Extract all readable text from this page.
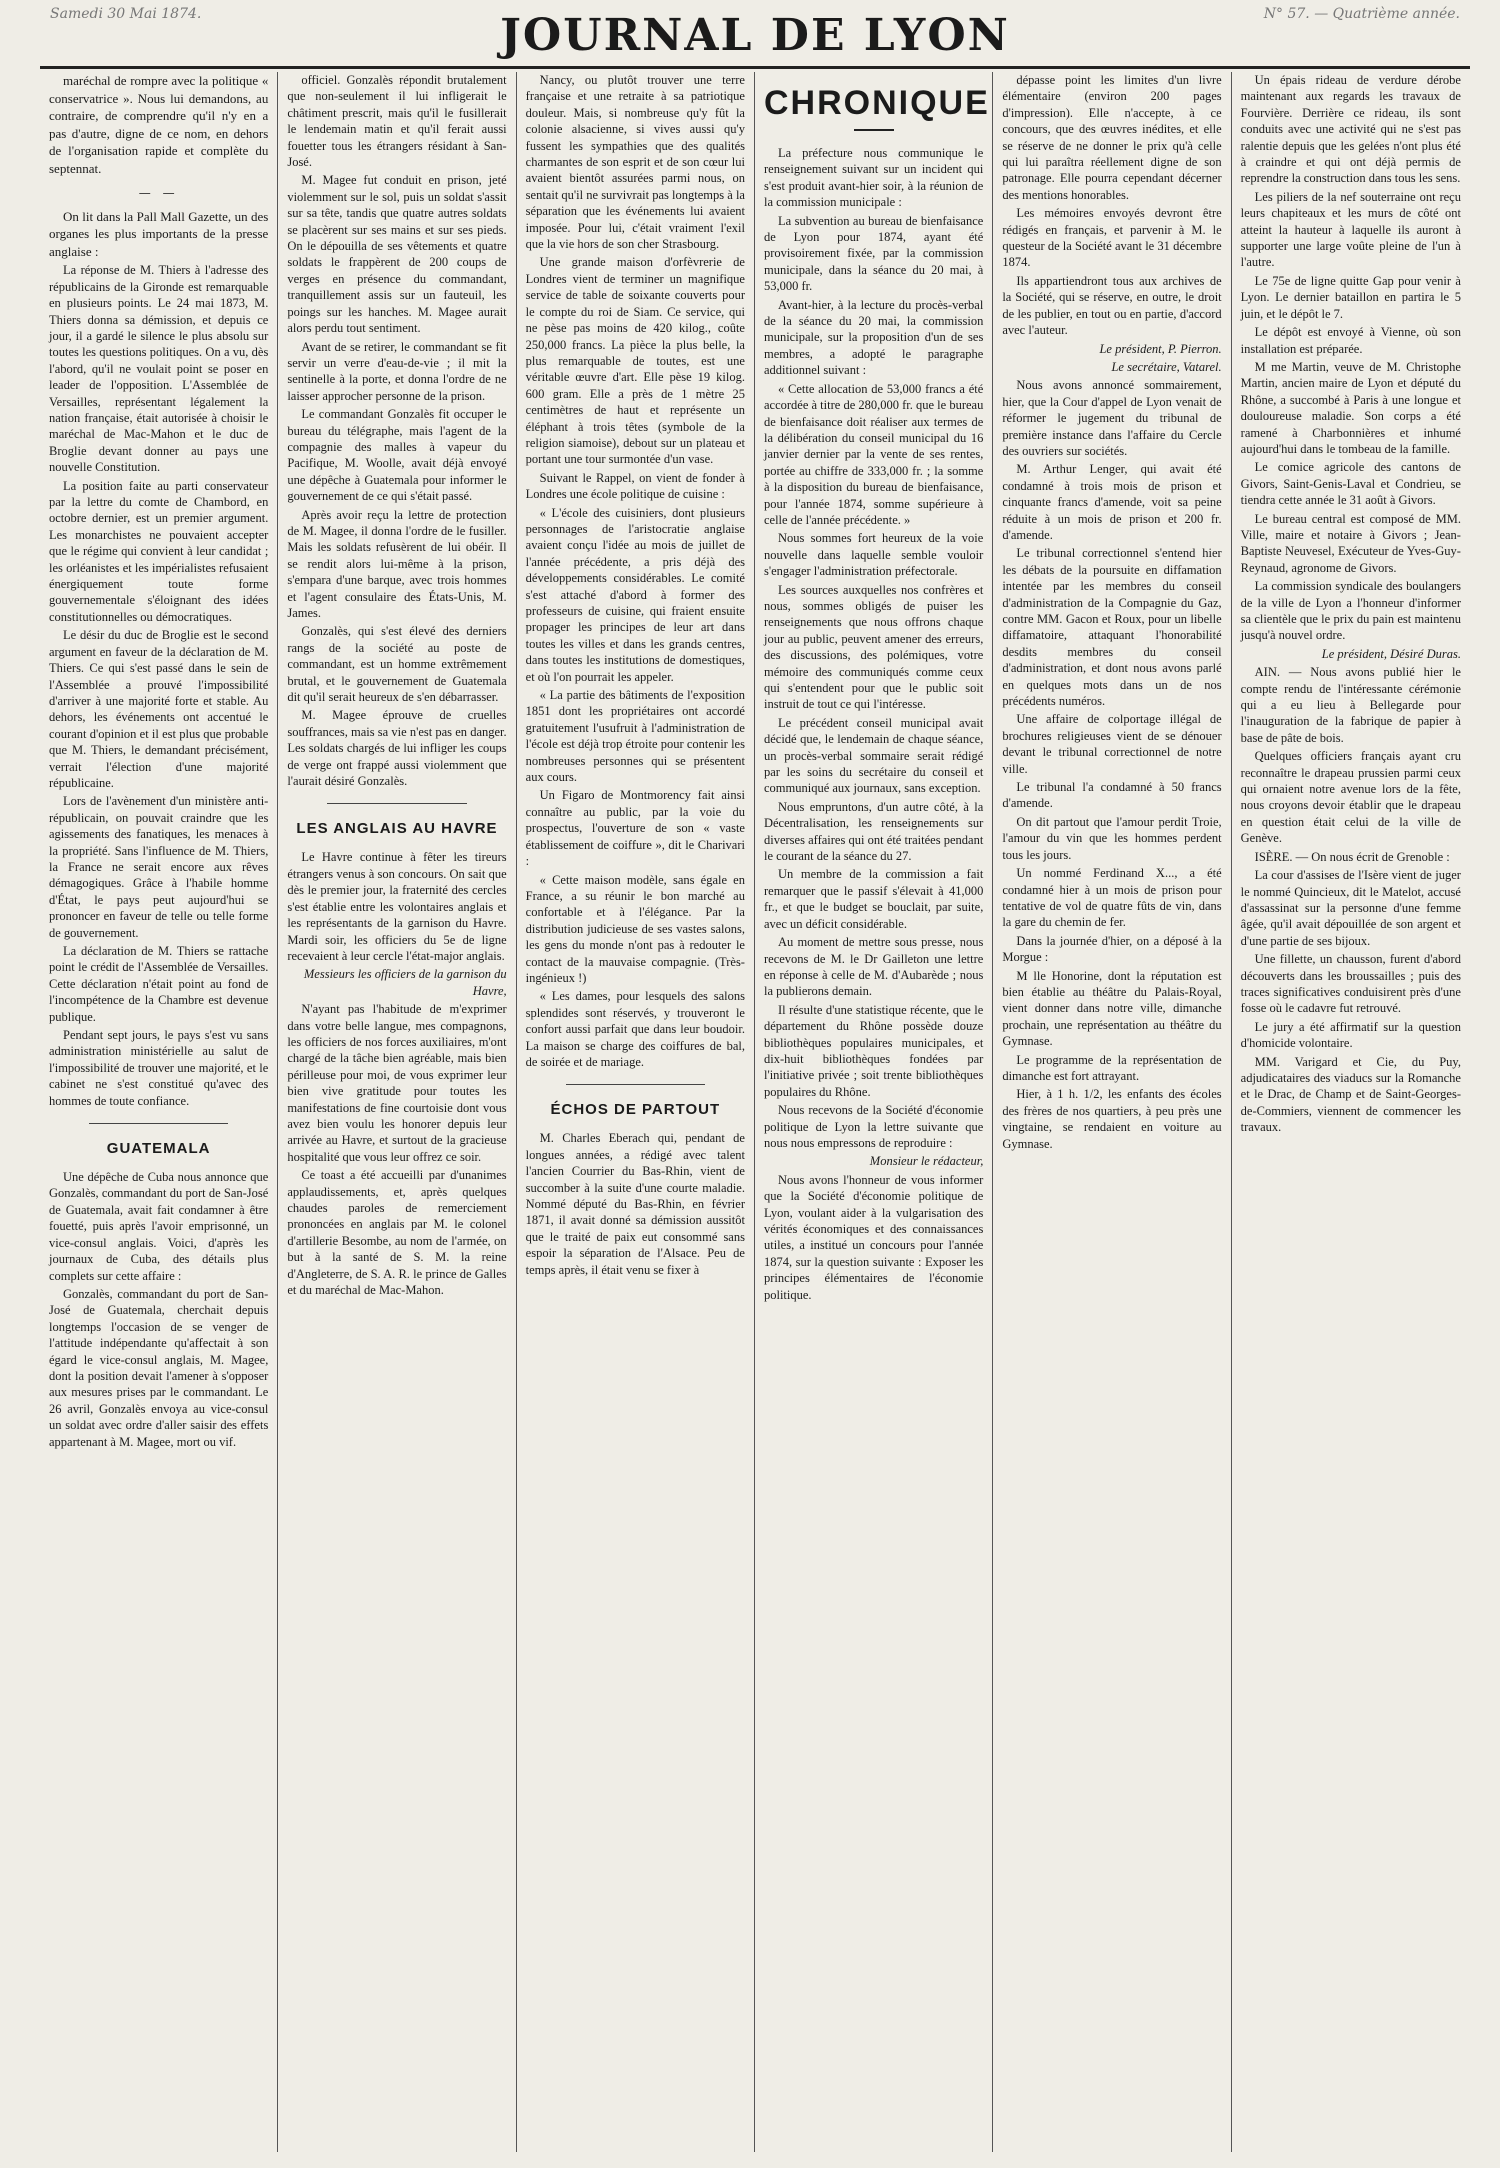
Samedi 30 Mai 1874.	JOURNAL DE LYON	N° 57. — Quatrième année.

maréchal de rompre avec la politique « conservatrice ». Nous lui demandons, au contraire, de comprendre qu'il n'y en a pas d'autre, digne de ce nom, en dehors de l'organisation rapide et complète du septennat.

— —

On lit dans la Pall Mall Gazette, un des organes les plus importants de la presse anglaise :

La réponse de M. Thiers à l'adresse des républicains de la Gironde est remarquable en plusieurs points. Le 24 mai 1873, M. Thiers donna sa démission, et depuis ce jour, il a gardé le silence le plus absolu sur toutes les questions politiques. On a vu, dès l'abord, qu'il ne voulait point se poser en leader de l'opposition. L'Assemblée de Versailles, représentant légalement la nation française, était autorisée à choisir le maréchal de Mac-Mahon et le duc de Broglie devant donner au pays une nouvelle Constitution.

La position faite au parti conservateur par la lettre du comte de Chambord, en octobre dernier, est un premier argument. Les monarchistes ne pouvaient accepter que le régime qui convient à leur candidat ; les orléanistes et les impérialistes refusaient énergiquement toute forme gouvernementale s'éloignant des idées constitutionnelles ou démocratiques.

Le désir du duc de Broglie est le second argument en faveur de la déclaration de M. Thiers. Ce qui s'est passé dans le sein de l'Assemblée a prouvé l'impossibilité d'arriver à une majorité forte et stable. Au dehors, les événements ont accentué le courant d'opinion et il est plus que probable que M. Thiers, le demandant précisément, verrait l'élection d'une majorité républicaine.

Lors de l'avènement d'un ministère anti-républicain, on pouvait craindre que les agissements des fanatiques, les menaces à la propriété. Sans l'influence de M. Thiers, la France ne serait encore aux rêves démagogiques. Grâce à l'habile homme d'État, le pays peut aujourd'hui se prononcer en faveur de telle ou telle forme de gouvernement.

La déclaration de M. Thiers se rattache point le crédit de l'Assemblée de Versailles. Cette déclaration n'était point au fond de l'incompétence de la Chambre est devenue publique.

Pendant sept jours, le pays s'est vu sans administration ministérielle au salut de l'impossibilité de trouver une majorité, et le cabinet ne s'est constitué qu'avec des hommes de toute confiance.

GUATEMALA

Une dépêche de Cuba nous annonce que Gonzalès, commandant du port de San-José de Guatemala, avait fait condamner à être fouetté, puis après l'avoir emprisonné, un vice-consul anglais. Voici, d'après les journaux de Cuba, des détails plus complets sur cette affaire :

Gonzalès, commandant du port de San-José de Guatemala, cherchait depuis longtemps l'occasion de se venger de l'attitude indépendante qu'affectait à son égard le vice-consul anglais, M. Magee, dont la position devait l'amener à s'opposer aux mesures prises par le commandant. Le 26 avril, Gonzalès envoya au vice-consul un soldat avec ordre d'aller saisir des effets appartenant à M. Magee, mort ou vif.

officiel. Gonzalès répondit brutalement que non-seulement il lui infligerait le châtiment prescrit, mais qu'il le fusillerait le lendemain matin et qu'il ferait aussi fouetter tous les étrangers résidant à San-José.

M. Magee fut conduit en prison, jeté violemment sur le sol, puis un soldat s'assit sur sa tête, tandis que quatre autres soldats se placèrent sur ses mains et sur ses pieds. On le dépouilla de ses vêtements et quatre soldats le frappèrent de 200 coups de verges en présence du commandant, tranquillement assis sur un fauteuil, les poings sur les hanches. M. Magee aurait alors perdu tout sentiment.

Avant de se retirer, le commandant se fit servir un verre d'eau-de-vie ; il mit la sentinelle à la porte, et donna l'ordre de ne laisser approcher personne de la prison.

Le commandant Gonzalès fit occuper le bureau du télégraphe, mais l'agent de la compagnie des malles à vapeur du Pacifique, M. Woolle, avait déjà envoyé une dépêche à Guatemala pour informer le gouvernement de ce qui s'était passé.

Après avoir reçu la lettre de protection de M. Magee, il donna l'ordre de le fusiller. Mais les soldats refusèrent de lui obéir. Il se rendit alors lui-même à la prison, s'empara d'une barque, avec trois hommes et l'agent consulaire des États-Unis, M. James.

Gonzalès, qui s'est élevé des derniers rangs de la société au poste de commandant, est un homme extrêmement brutal, et le gouvernement de Guatemala dit qu'il serait heureux de s'en débarrasser.

M. Magee éprouve de cruelles souffrances, mais sa vie n'est pas en danger. Les soldats chargés de lui infliger les coups de verge ont frappé aussi violemment que l'aurait désiré Gonzalès.

LES ANGLAIS AU HAVRE

Le Havre continue à fêter les tireurs étrangers venus à son concours. On sait que dès le premier jour, la fraternité des cercles s'est établie entre les volontaires anglais et les représentants de la garnison du Havre. Mardi soir, les officiers du 5e de ligne recevaient à leur cercle l'état-major anglais.

Messieurs les officiers de la garnison du Havre,

N'ayant pas l'habitude de m'exprimer dans votre belle langue, mes compagnons, les officiers de nos forces auxiliaires, m'ont chargé de la tâche bien agréable, mais bien périlleuse pour moi, de vous exprimer leur bien vive gratitude pour toutes les manifestations de fine courtoisie dont vous avez bien voulu les honorer depuis leur arrivée au Havre, et surtout de la gracieuse hospitalité que vous leur offrez ce soir.

Ce toast a été accueilli par d'unanimes applaudissements, et, après quelques chaudes paroles de remerciement prononcées en anglais par M. le colonel d'artillerie Besombe, au nom de l'armée, on but à la santé de S. M. la reine d'Angleterre, de S. A. R. le prince de Galles et du maréchal de Mac-Mahon.

Nancy, ou plutôt trouver une terre française et une retraite à sa patriotique douleur. Mais, si nombreuse qu'y fût la colonie alsacienne, si vives aussi qu'y fussent les sympathies que des qualités charmantes de son esprit et de son cœur lui avaient bientôt assurées parmi nous, on sentait qu'il ne survivrait pas longtemps à la séparation que les événements lui avaient imposée. Pour lui, c'était vraiment l'exil que la vie hors de son cher Strasbourg.

Une grande maison d'orfèvrerie de Londres vient de terminer un magnifique service de table de soixante couverts pour le compte du roi de Siam. Ce service, qui ne pèse pas moins de 420 kilog., coûte 250,000 francs. La pièce la plus belle, la plus remarquable de toutes, est une véritable œuvre d'art. Elle pèse 19 kilog. 600 gram. Elle a près de 1 mètre 25 centimètres de haut et représente un éléphant à trois têtes (symbole de la religion siamoise), debout sur un plateau et portant une tour surmontée d'un vase.

Suivant le Rappel, on vient de fonder à Londres une école politique de cuisine :

« L'école des cuisiniers, dont plusieurs personnages de l'aristocratie anglaise avaient conçu l'idée au mois de juillet de l'année précédente, a pris déjà des développements considérables. Le comité s'est attaché d'abord à former des professeurs de cuisine, qui fraient ensuite propager les principes de leur art dans toutes les villes et dans les grands centres, dans toutes les institutions de domestiques, et où l'on pourrait les appeler.

« La partie des bâtiments de l'exposition 1851 dont les propriétaires ont accordé gratuitement l'usufruit à l'administration de l'école est déjà trop étroite pour contenir les nombreuses personnes qui se présentent aux cours.

Un Figaro de Montmorency fait ainsi connaître au public, par la voie du prospectus, l'ouverture de son « vaste établissement de coiffure », dit le Charivari :

« Cette maison modèle, sans égale en France, a su réunir le bon marché au confortable et à l'élégance. Par la distribution judicieuse de ses vastes salons, les gens du monde n'ont pas à redouter le contact de la mauvaise compagnie. (Très-ingénieux !)

« Les dames, pour lesquels des salons splendides sont réservés, y trouveront le confort aussi parfait que dans leur boudoir. La maison se charge des coiffures de bal, de soirée et de mariage.

ÉCHOS DE PARTOUT

M. Charles Eberach qui, pendant de longues années, a rédigé avec talent l'ancien Courrier du Bas-Rhin, vient de succomber à la suite d'une courte maladie. Nommé député du Bas-Rhin, en février 1871, il avait donné sa démission aussitôt que le traité de paix eut consommé sans espoir la séparation de l'Alsace. Peu de temps après, il était venu se fixer à

CHRONIQUE

La préfecture nous communique le renseignement suivant sur un incident qui s'est produit avant-hier soir, à la réunion de la commission municipale :

La subvention au bureau de bienfaisance de Lyon pour 1874, ayant été provisoirement fixée, par la commission municipale, dans la séance du 20 mai, à 53,000 fr.

Avant-hier, à la lecture du procès-verbal de la séance du 20 mai, la commission municipale, sur la proposition d'un de ses membres, a adopté le paragraphe additionnel suivant :

« Cette allocation de 53,000 francs a été accordée à titre de 280,000 fr. que le bureau de bienfaisance doit réaliser aux termes de la délibération du conseil municipal du 16 janvier dernier par la vente de ses rentes, portée au chiffre de 333,000 fr. ; la somme à la disposition du bureau de bienfaisance, pour l'année 1874, somme supérieure à celle de l'année précédente. »

Nous sommes fort heureux de la voie nouvelle dans laquelle semble vouloir s'engager l'administration préfectorale.

Les sources auxquelles nos confrères et nous, sommes obligés de puiser les renseignements que nous offrons chaque jour au public, peuvent amener des erreurs, des discussions, des polémiques, votre mémoire des communiqués comme ceux qui s'entendent pour que le public soit instruit de tout ce qui l'intéresse.

Le précédent conseil municipal avait décidé que, le lendemain de chaque séance, un procès-verbal sommaire serait rédigé par les soins du secrétaire du conseil et communiqué aux journaux, sans exception.

Nous empruntons, d'un autre côté, à la Décentralisation, les renseignements sur diverses affaires qui ont été traitées pendant le courant de la séance du 27.

Un membre de la commission a fait remarquer que le passif s'élevait à 41,000 fr., et que le budget se bouclait, par suite, avec un déficit considérable.

Au moment de mettre sous presse, nous recevons de M. le Dr Gailleton une lettre en réponse à celle de M. d'Aubarède ; nous la publierons demain.

Il résulte d'une statistique récente, que le département du Rhône possède douze bibliothèques populaires municipales, et dix-huit bibliothèques fondées par l'initiative privée ; soit trente bibliothèques populaires du Rhône.

Nous recevons de la Société d'économie politique de Lyon la lettre suivante que nous nous empressons de reproduire :

Monsieur le rédacteur,

Nous avons l'honneur de vous informer que la Société d'économie politique de Lyon, voulant aider à la vulgarisation des vérités économiques et des connaissances utiles, a institué un concours pour l'année 1874, sur la question suivante : Exposer les principes élémentaires de l'économie politique.

dépasse point les limites d'un livre élémentaire (environ 200 pages d'impression). Elle n'accepte, à ce concours, que des œuvres inédites, et elle se réserve de ne donner le prix qu'à celle qui lui paraîtra réellement digne de son patronage. Elle pourra cependant décerner des mentions honorables.

Les mémoires envoyés devront être rédigés en français, et parvenir à M. le questeur de la Société avant le 31 décembre 1874.

Ils appartiendront tous aux archives de la Société, qui se réserve, en outre, le droit de les publier, en tout ou en partie, d'accord avec l'auteur.

Le président, P. Pierron.

Le secrétaire, Vatarel.

Nous avons annoncé sommairement, hier, que la Cour d'appel de Lyon venait de réformer le jugement du tribunal de première instance dans l'affaire du Cercle des ouvriers sur sociétés.

M. Arthur Lenger, qui avait été condamné à trois mois de prison et cinquante francs d'amende, voit sa peine réduite à un mois de prison et 200 fr. d'amende.

Le tribunal correctionnel s'entend hier les débats de la poursuite en diffamation intentée par les membres du conseil d'administration de la Compagnie du Gaz, contre MM. Gacon et Roux, pour un libelle diffamatoire, attaquant l'honorabilité desdits membres du conseil d'administration, et dont nous avons parlé en quelques mots dans un de nos précédents numéros.

Une affaire de colportage illégal de brochures religieuses vient de se dénouer devant le tribunal correctionnel de notre ville.

Le tribunal l'a condamné à 50 francs d'amende.

On dit partout que l'amour perdit Troie, l'amour du vin que les hommes perdent tous les jours.

Un nommé Ferdinand X..., a été condamné hier à un mois de prison pour tentative de vol de quatre fûts de vin, dans la gare du chemin de fer.

Dans la journée d'hier, on a déposé à la Morgue :

M lle Honorine, dont la réputation est bien établie au théâtre du Palais-Royal, vient donner dans notre ville, dimanche prochain, une représentation au théâtre du Gymnase.

Le programme de la représentation de dimanche est fort attrayant.

Hier, à 1 h. 1/2, les enfants des écoles des frères de nos quartiers, à peu près une vingtaine, se rendaient en voiture au Gymnase.

Un épais rideau de verdure dérobe maintenant aux regards les travaux de Fourvière. Derrière ce rideau, ils sont conduits avec une activité qui ne s'est pas ralentie depuis que les gelées n'ont plus été à craindre et qui ont déjà permis de reprendre la construction dans tous les sens.

Les piliers de la nef souterraine ont reçu leurs chapiteaux et les murs de côté ont atteint la hauteur à laquelle ils auront à supporter une large voûte pleine de l'un à l'autre.

Le 75e de ligne quitte Gap pour venir à Lyon. Le dernier bataillon en partira le 5 juin, et le dépôt le 7.

Le dépôt est envoyé à Vienne, où son installation est préparée.

M me Martin, veuve de M. Christophe Martin, ancien maire de Lyon et député du Rhône, a succombé à Paris à une longue et douloureuse maladie. Son corps a été ramené à Charbonnières et inhumé aujourd'hui dans le tombeau de la famille.

Le comice agricole des cantons de Givors, Saint-Genis-Laval et Condrieu, se tiendra cette année le 31 août à Givors.

Le bureau central est composé de MM. Ville, maire et notaire à Givors ; Jean-Baptiste Neuvesel, Exécuteur de Yves-Guy-Reynaud, agronome de Givors.

La commission syndicale des boulangers de la ville de Lyon a l'honneur d'informer sa clientèle que le prix du pain est maintenu jusqu'à nouvel ordre.

Le président, Désiré Duras.

AIN. — Nous avons publié hier le compte rendu de l'intéressante cérémonie qui a eu lieu à Bellegarde pour l'inauguration de la fabrique de papier à base de pâte de bois.

Quelques officiers français ayant cru reconnaître le drapeau prussien parmi ceux qui ornaient notre avenue lors de la fête, nous croyons devoir établir que le drapeau en question était celui de la ville de Genève.

ISÈRE. — On nous écrit de Grenoble :

La cour d'assises de l'Isère vient de juger le nommé Quincieux, dit le Matelot, accusé d'assassinat sur la personne d'une femme âgée, qu'il avait dépouillée de son argent et d'une partie de ses bijoux.

Une fillette, un chausson, furent d'abord découverts dans les broussailles ; puis des traces significatives conduisirent près d'une fosse où le cadavre fut retrouvé.

Le jury a été affirmatif sur la question d'homicide volontaire.

MM. Varigard et Cie, du Puy, adjudicataires des viaducs sur la Romanche et le Drac, de Champ et de Saint-Georges-de-Commiers, viennent de commencer les travaux.
